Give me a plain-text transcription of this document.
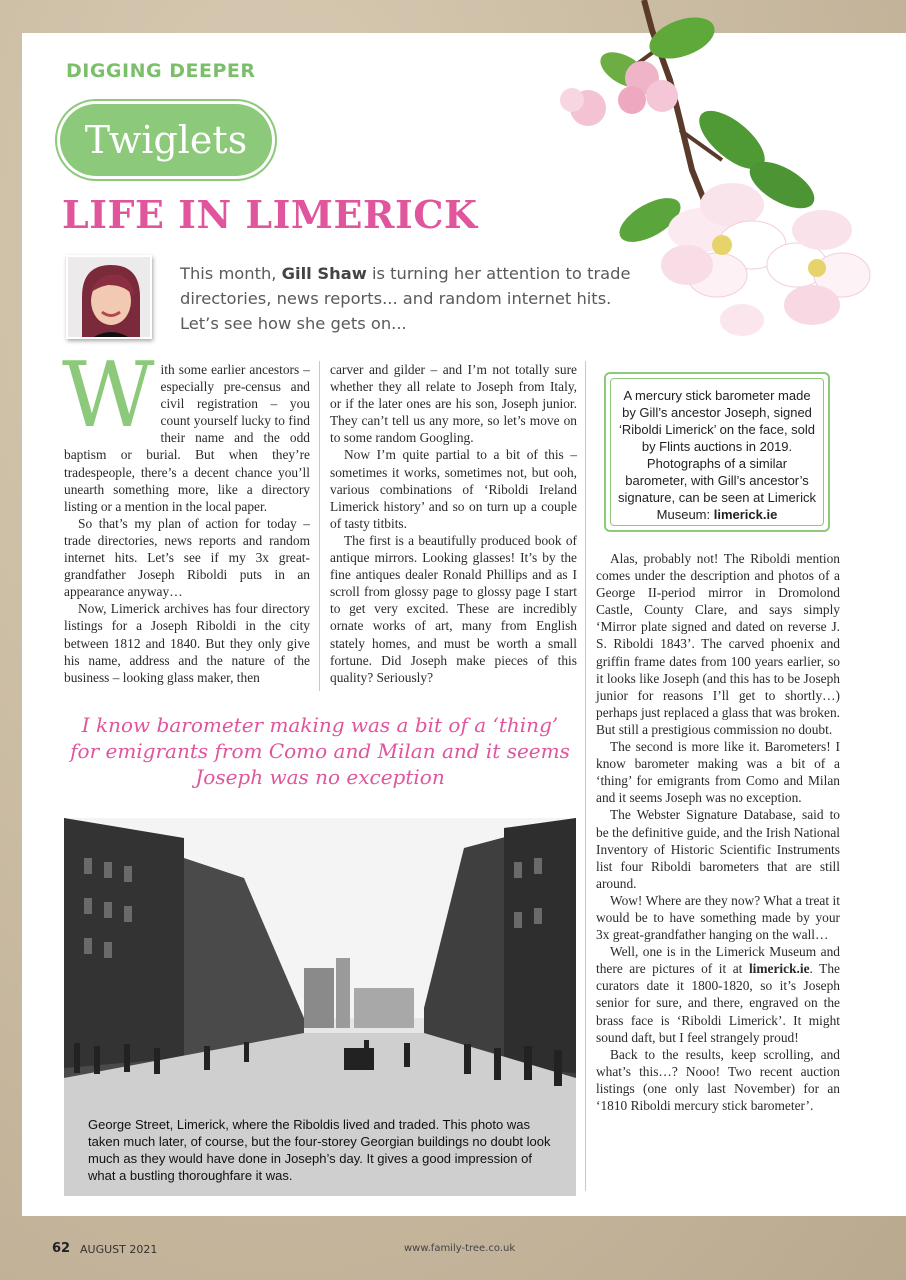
DIGGING DEEPER
Twiglets
LIFE IN LIMERICK

This month, Gill Shaw is turning her attention to trade directories, news reports... and random internet hits. Let’s see how she gets on...

With some earlier ancestors – especially pre-census and civil registration – you count yourself lucky to find their name and the odd baptism or burial. But when they’re tradespeople, there’s a decent chance you’ll unearth something more, like a directory listing or a mention in the local paper.

So that’s my plan of action for today – trade directories, news reports and random internet hits. Let’s see if my 3x great-grandfather Joseph Riboldi puts in an appearance anyway…

Now, Limerick archives has four directory listings for a Joseph Riboldi in the city between 1812 and 1840. But they only give his name, address and the nature of the business – looking glass maker, then

carver and gilder – and I’m not totally sure whether they all relate to Joseph from Italy, or if the later ones are his son, Joseph junior. They can’t tell us any more, so let’s move on to some random Googling.

Now I’m quite partial to a bit of this – sometimes it works, sometimes not, but ooh, various combinations of ‘Riboldi Ireland Limerick history’ and so on turn up a couple of tasty titbits.

The first is a beautifully produced book of antique mirrors. Looking glasses! It’s by the fine antiques dealer Ronald Phillips and as I scroll from glossy page to glossy page I start to get very excited. These are incredibly ornate works of art, many from English stately homes, and must be worth a small fortune. Did Joseph make pieces of this quality? Seriously?

A mercury stick barometer made by Gill’s ancestor Joseph, signed ‘Riboldi Limerick’ on the face, sold by Flints auctions in 2019. Photographs of a similar barometer, with Gill’s ancestor’s signature, can be seen at Limerick Museum: limerick.ie

Alas, probably not! The Riboldi mention comes under the description and photos of a George II-period mirror in Dromolond Castle, County Clare, and says simply ‘Mirror plate signed and dated on reverse J. S. Riboldi 1843’. The carved phoenix and griffin frame dates from 100 years earlier, so it looks like Joseph (and this has to be Joseph junior for reasons I’ll get to shortly…) perhaps just replaced a glass that was broken. But still a prestigious commission no doubt.

The second is more like it. Barometers! I know barometer making was a bit of a ‘thing’ for emigrants from Como and Milan and it seems Joseph was no exception.

The Webster Signature Database, said to be the definitive guide, and the Irish National Inventory of Historic Scientific Instruments list four Riboldi barometers that are still around.

Wow! Where are they now? What a treat it would be to have something made by your 3x great-grandfather hanging on the wall…

Well, one is in the Limerick Museum and there are pictures of it at limerick.ie. The curators date it 1800-1820, so it’s Joseph senior for sure, and there, engraved on the brass face is ‘Riboldi Limerick’. It might sound daft, but I feel strangely proud!

Back to the results, keep scrolling, and what’s this…? Nooo! Two recent auction listings (one only last November) for an ‘1810 Riboldi mercury stick barometer’.

I know barometer making was a bit of a ‘thing’ for emigrants from Como and Milan and it seems Joseph was no exception

George Street, Limerick, where the Riboldis lived and traded. This photo was taken much later, of course, but the four-storey Georgian buildings no doubt look much as they would have done in Joseph’s day. It gives a good impression of what a bustling thoroughfare it was.

62 AUGUST 2021	www.family-tree.co.uk
